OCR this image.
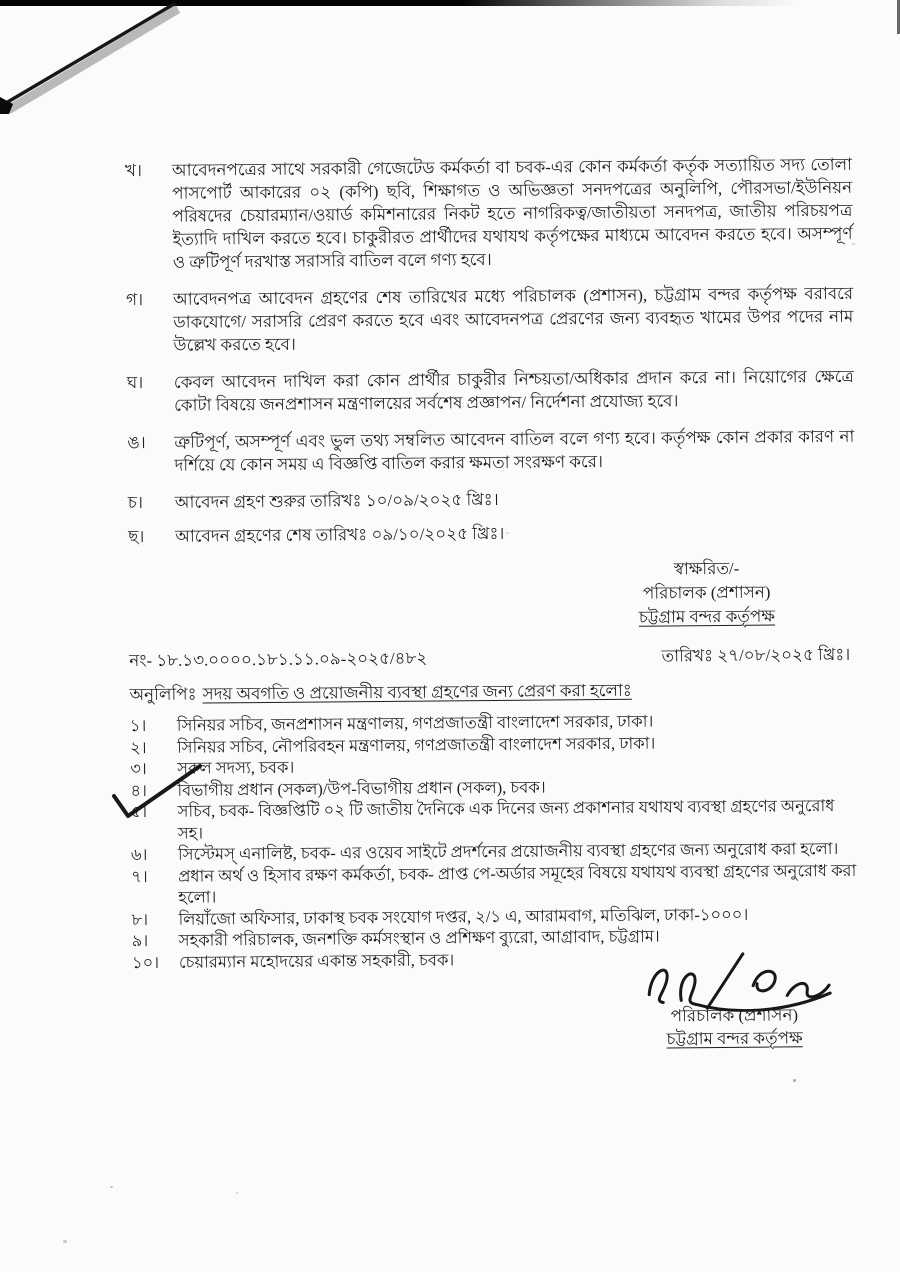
খ।	আবেদনপত্রের সাথে সরকারী গেজেটেড কর্মকর্তা বা চবক-এর কোন কর্মকর্তা কর্তৃক সত্যায়িত সদ্য তোলা পাসপোর্ট আকারের ০২ (কপি) ছবি, শিক্ষাগত ও অভিজ্ঞতা সনদপত্রের অনুলিপি, পৌরসভা/ইউনিয়ন পরিষদের চেয়ারম্যান/ওয়ার্ড কমিশনারের নিকট হতে নাগরিকত্ব/জাতীয়তা সনদপত্র, জাতীয় পরিচয়পত্র ইত্যাদি দাখিল করতে হবে। চাকুরীরত প্রার্থীদের যথাযথ কর্তৃপক্ষের মাধ্যমে আবেদন করতে হবে। অসম্পূর্ণ ও ত্রুটিপূর্ণ দরখাস্ত সরাসরি বাতিল বলে গণ্য হবে।

গ।	আবেদনপত্র আবেদন গ্রহণের শেষ তারিখের মধ্যে পরিচালক (প্রশাসন), চট্টগ্রাম বন্দর কর্তৃপক্ষ বরাবরে ডাকযোগে/ সরাসরি প্রেরণ করতে হবে এবং আবেদনপত্র প্রেরণের জন্য ব্যবহৃত খামের উপর পদের নাম উল্লেখ করতে হবে।

ঘ।	কেবল আবেদন দাখিল করা কোন প্রার্থীর চাকুরীর নিশ্চয়তা/অধিকার প্রদান করে না। নিয়োগের ক্ষেত্রে কোটা বিষয়ে জনপ্রশাসন মন্ত্রণালয়ের সর্বশেষ প্রজ্ঞাপন/ নির্দেশনা প্রযোজ্য হবে।

ঙ।	ত্রুটিপূর্ণ, অসম্পূর্ণ এবং ভুল তথ্য সম্বলিত আবেদন বাতিল বলে গণ্য হবে। কর্তৃপক্ষ কোন প্রকার কারণ না দর্শিয়ে যে কোন সময় এ বিজ্ঞপ্তি বাতিল করার ক্ষমতা সংরক্ষণ করে।

চ।	আবেদন গ্রহণ শুরুর তারিখঃ ১০/০৯/২০২৫ খ্রিঃ।

ছ।	আবেদন গ্রহণের শেষ তারিখঃ ০৯/১০/২০২৫ খ্রিঃ।

স্বাক্ষরিত/-
পরিচালক (প্রশাসন)
চট্টগ্রাম বন্দর কর্তৃপক্ষ
নং- ১৮.১৩.০০০০.১৮১.১১.০৯-২০২৫/৪৮২	তারিখঃ ২৭/০৮/২০২৫ খ্রিঃ।
অনুলিপিঃ সদয় অবগতি ও প্রয়োজনীয় ব্যবস্থা গ্রহণের জন্য প্রেরণ করা হলোঃ
১।	সিনিয়র সচিব, জনপ্রশাসন মন্ত্রণালয়, গণপ্রজাতন্ত্রী বাংলাদেশ সরকার, ঢাকা।

২।	সিনিয়র সচিব, নৌপরিবহন মন্ত্রণালয়, গণপ্রজাতন্ত্রী বাংলাদেশ সরকার, ঢাকা।

৩।	সকল সদস্য, চবক।

৪।	বিভাগীয় প্রধান (সকল)/উপ-বিভাগীয় প্রধান (সকল), চবক।

৫।	সচিব, চবক- বিজ্ঞপ্তিটি ০২ টি জাতীয় দৈনিকে এক দিনের জন্য প্রকাশনার যথাযথ ব্যবস্থা গ্রহণের অনুরোধ সহ।

৬।	সিস্টেমস্ এনালিষ্ট, চবক- এর ওয়েব সাইটে প্রদর্শনের প্রয়োজনীয় ব্যবস্থা গ্রহণের জন্য অনুরোধ করা হলো।

৭।	প্রধান অর্থ ও হিসাব রক্ষণ কর্মকর্তা, চবক- প্রাপ্ত পে-অর্ডার সমূহের বিষয়ে যথাযথ ব্যবস্থা গ্রহণের অনুরোধ করা হলো।

৮।	লিয়াঁজো অফিসার, ঢাকাস্থ চবক সংযোগ দপ্তর, ২/১ এ, আরামবাগ, মতিঝিল, ঢাকা-১০০০।

৯।	সহকারী পরিচালক, জনশক্তি কর্মসংস্থান ও প্রশিক্ষণ ব্যুরো, আগ্রাবাদ, চট্টগ্রাম।

১০।	চেয়ারম্যান মহোদয়ের একান্ত সহকারী, চবক।

পরিচালক (প্রশাসন)
চট্টগ্রাম বন্দর কর্তৃপক্ষ
